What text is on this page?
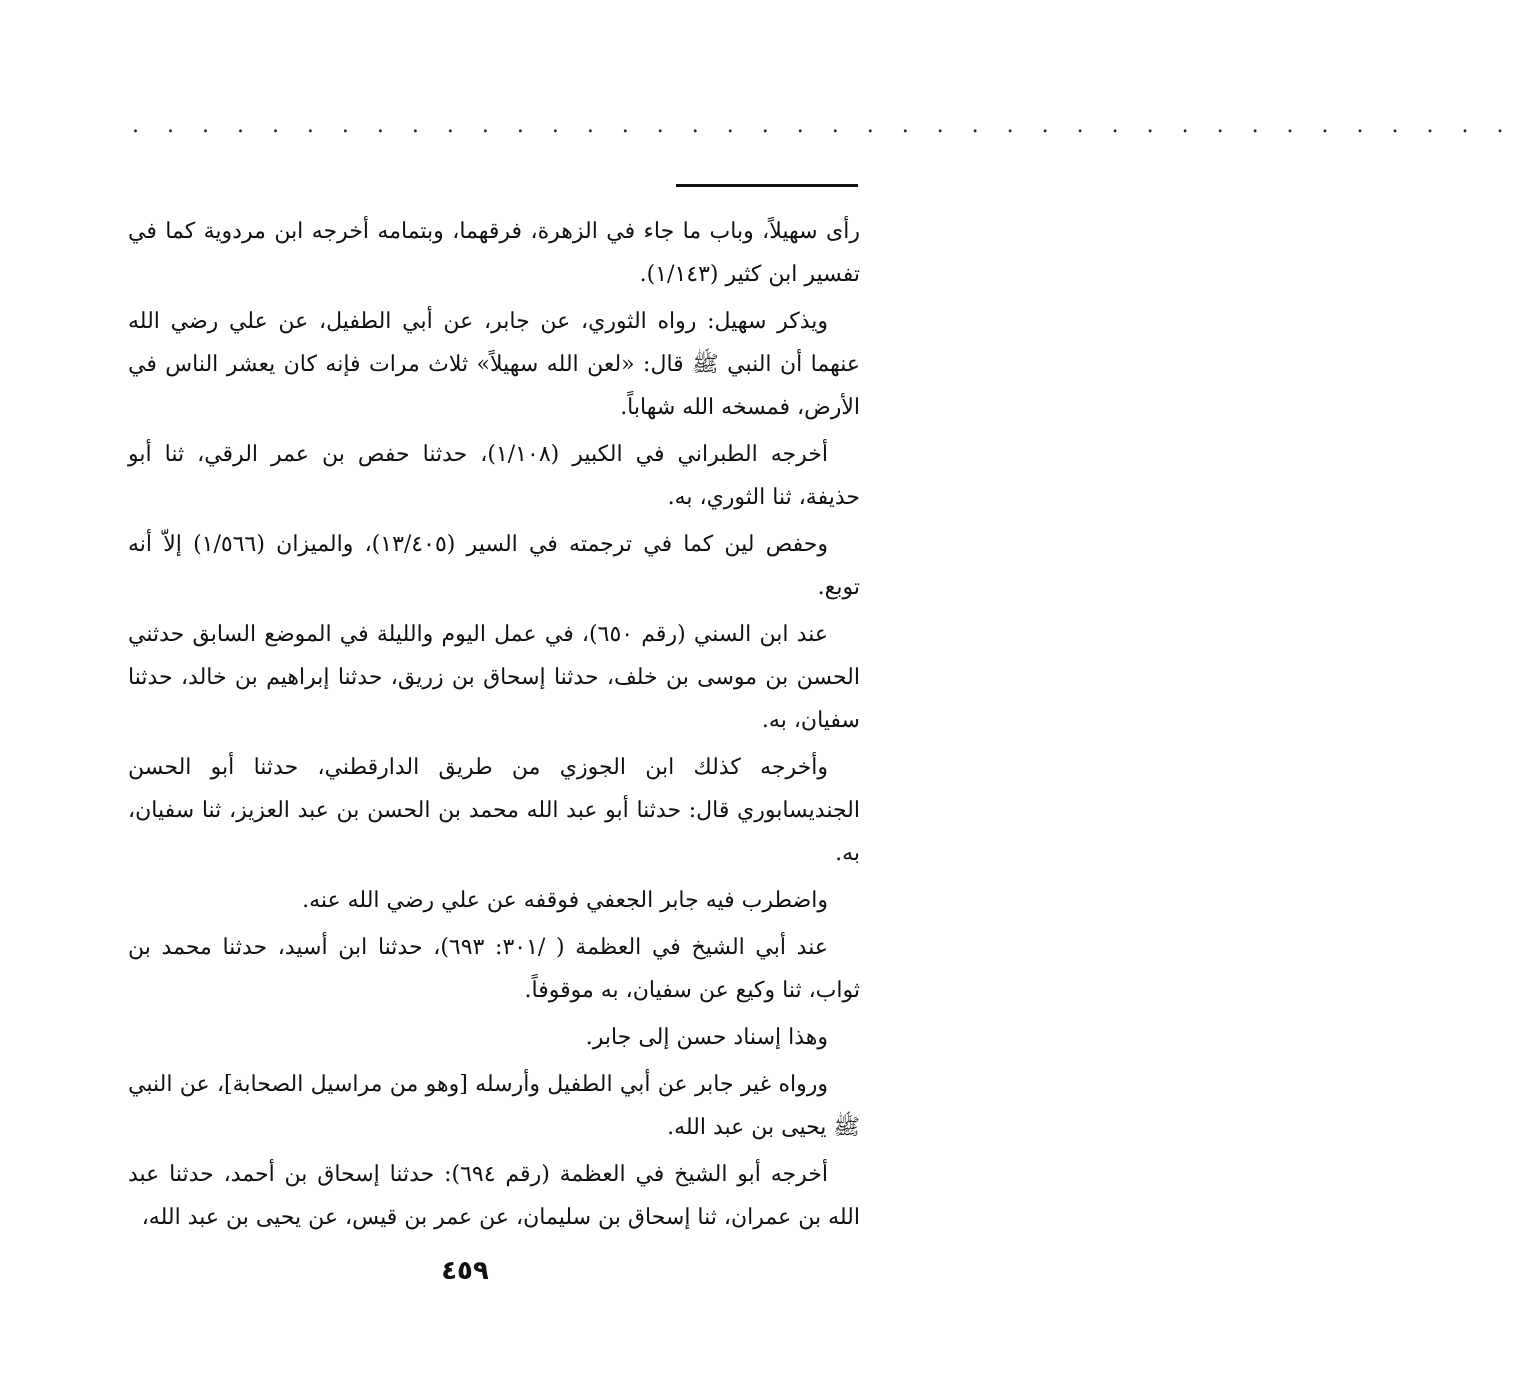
. . . . . . . . . . . . . . . . . . . . . . . . . . . . . . . . . . . . . . . .

رأى سهيلاً، وباب ما جاء في الزهرة، فرقهما، وبتمامه أخرجه ابن مردوية كما في تفسير ابن كثير (١/١٤٣).

ويذكر سهيل: رواه الثوري، عن جابر، عن أبي الطفيل، عن علي رضي الله عنهما أن النبي ﷺ قال: «لعن الله سهيلاً» ثلاث مرات فإنه كان يعشر الناس في الأرض، فمسخه الله شهاباً.

أخرجه الطبراني في الكبير (١/١٠٨)، حدثنا حفص بن عمر الرقي، ثنا أبو حذيفة، ثنا الثوري، به.

وحفص لين كما في ترجمته في السير (١٣/٤٠٥)، والميزان (١/٥٦٦) إلاّ أنه توبع.

عند ابن السني (رقم ٦٥٠)، في عمل اليوم والليلة في الموضع السابق حدثني الحسن بن موسى بن خلف، حدثنا إسحاق بن زريق، حدثنا إبراهيم بن خالد، حدثنا سفيان، به.

وأخرجه كذلك ابن الجوزي من طريق الدارقطني، حدثنا أبو الحسن الجنديسابوري قال: حدثنا أبو عبد الله محمد بن الحسن بن عبد العزيز، ثنا سفيان، به.

واضطرب فيه جابر الجعفي فوقفه عن علي رضي الله عنه.

عند أبي الشيخ في العظمة ( /٣٠١: ٦٩٣)، حدثنا ابن أسيد، حدثنا محمد بن ثواب، ثنا وكيع عن سفيان، به موقوفاً.

وهذا إسناد حسن إلى جابر.

ورواه غير جابر عن أبي الطفيل وأرسله [وهو من مراسيل الصحابة]، عن النبي ﷺ يحيى بن عبد الله.

أخرجه أبو الشيخ في العظمة (رقم ٦٩٤): حدثنا إسحاق بن أحمد، حدثنا عبد الله بن عمران، ثنا إسحاق بن سليمان، عن عمر بن قيس، عن يحيى بن عبد الله،

٤٥٩
